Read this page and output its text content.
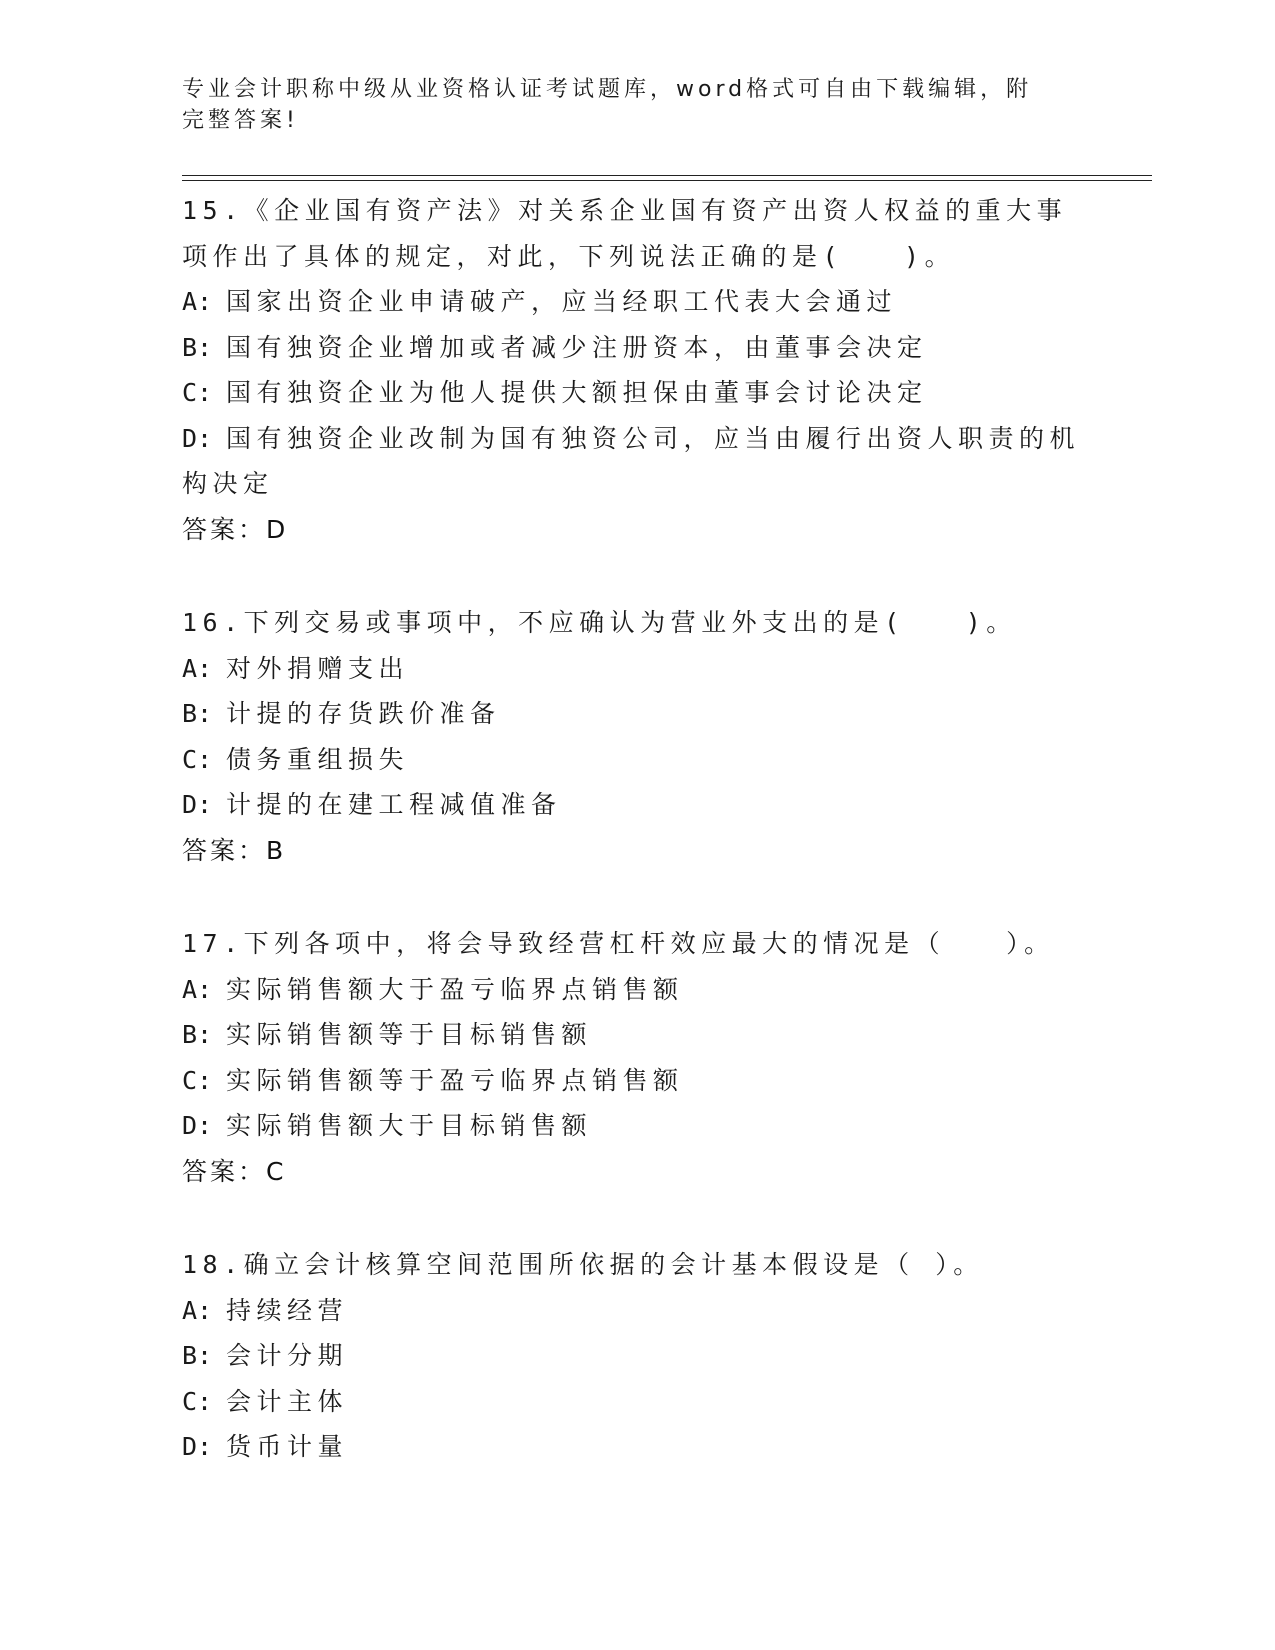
专业会计职称中级从业资格认证考试题库，word格式可自由下载编辑，附完整答案!
15.《企业国有资产法》对关系企业国有资产出资人权益的重大事项作出了具体的规定，对此，下列说法正确的是(　　)。
A: 国家出资企业申请破产，应当经职工代表大会通过
B: 国有独资企业增加或者减少注册资本，由董事会决定
C: 国有独资企业为他人提供大额担保由董事会讨论决定
D: 国有独资企业改制为国有独资公司，应当由履行出资人职责的机构决定
答案：D
16.下列交易或事项中，不应确认为营业外支出的是(　　)。
A: 对外捐赠支出
B: 计提的存货跌价准备
C: 债务重组损失
D: 计提的在建工程减值准备
答案：B
17.下列各项中，将会导致经营杠杆效应最大的情况是（　　）。
A: 实际销售额大于盈亏临界点销售额
B: 实际销售额等于目标销售额
C: 实际销售额等于盈亏临界点销售额
D: 实际销售额大于目标销售额
答案：C
18.确立会计核算空间范围所依据的会计基本假设是（ ）。
A: 持续经营
B: 会计分期
C: 会计主体
D: 货币计量
